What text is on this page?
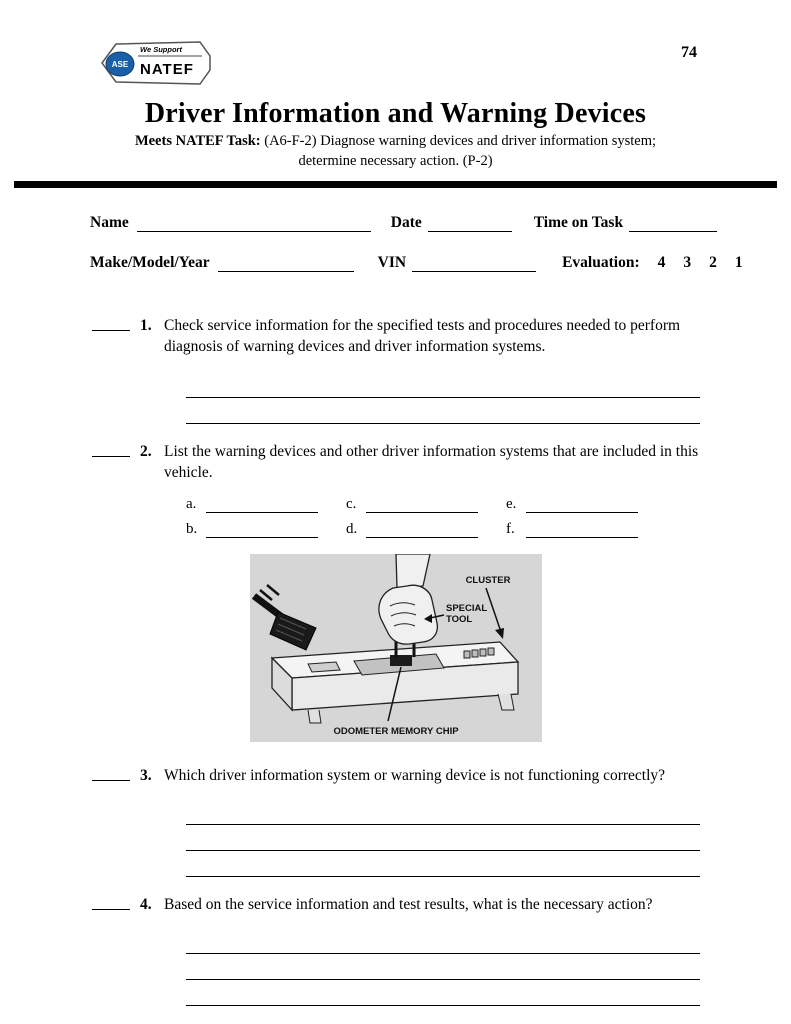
ASE
We Support
NATEF
74
Driver Information and Warning Devices
Meets NATEF Task: (A6-F-2) Diagnose warning devices and driver information system;
determine necessary action. (P-2)
Name	Date	Time on Task
Make/Model/Year	VIN	Evaluation: 4 3 2 1
1. Check service information for the specified tests and procedures needed to perform diagnosis of warning devices and driver information systems.
2. List the warning devices and other driver information systems that are included in this vehicle.
a.	c.	e.
b.	d.	f.
CLUSTER
SPECIAL
TOOL
ODOMETER MEMORY CHIP
3. Which driver information system or warning device is not functioning correctly?
4. Based on the service information and test results, what is the necessary action?
